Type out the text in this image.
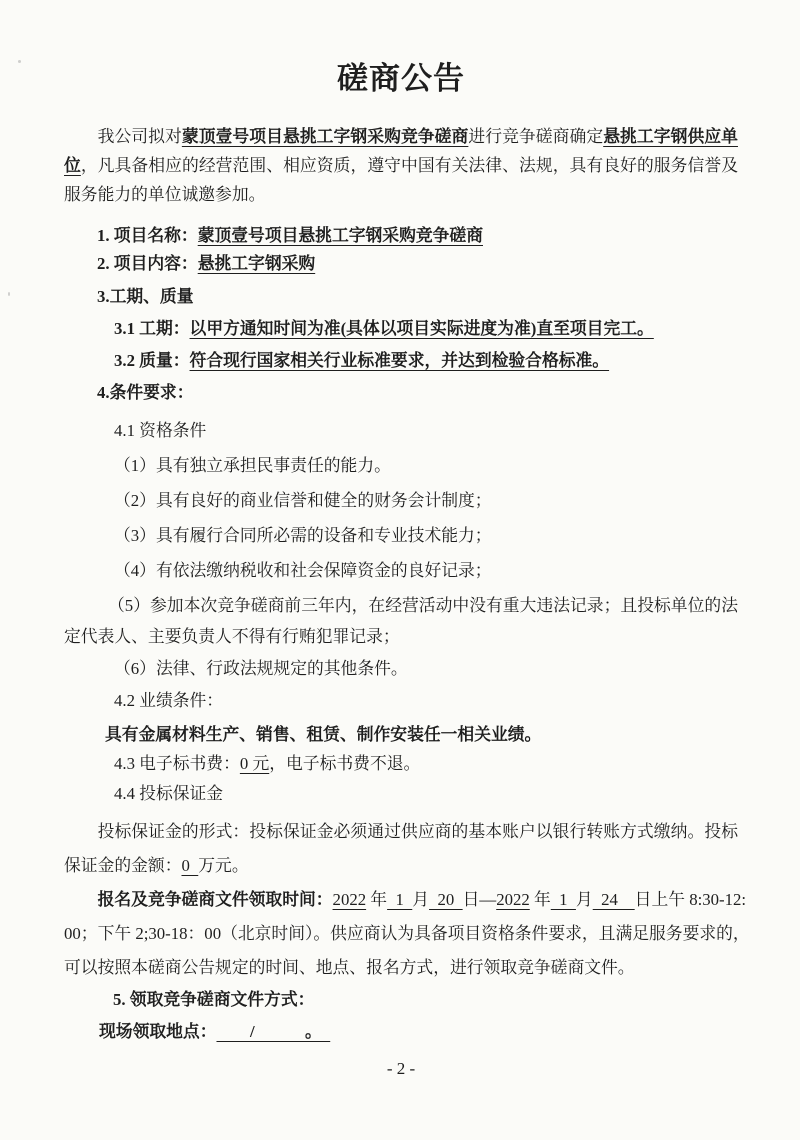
磋商公告

我公司拟对蒙顶壹号项目悬挑工字钢采购竞争磋商进行竞争磋商确定悬挑工字钢供应单位，凡具备相应的经营范围、相应资质，遵守中国有关法律、法规，具有良好的服务信誉及服务能力的单位诚邀参加。

1. 项目名称：蒙顶壹号项目悬挑工字钢采购竞争磋商

2. 项目内容：悬挑工字钢采购

3.工期、质量

3.1 工期：以甲方通知时间为准(具体以项目实际进度为准)直至项目完工。

3.2 质量：符合现行国家相关行业标准要求，并达到检验合格标准。

4.条件要求：

4.1 资格条件

（1）具有独立承担民事责任的能力。

（2）具有良好的商业信誉和健全的财务会计制度；

（3）具有履行合同所必需的设备和专业技术能力；

（4）有依法缴纳税收和社会保障资金的良好记录；

（5）参加本次竞争磋商前三年内，在经营活动中没有重大违法记录；且投标单位的法定代表人、主要负责人不得有行贿犯罪记录；

（6）法律、行政法规规定的其他条件。

4.2 业绩条件：

具有金属材料生产、销售、租赁、制作安装任一相关业绩。

4.3 电子标书费：0 元，电子标书费不退。

4.4 投标保证金

投标保证金的形式：投标保证金必须通过供应商的基本账户以银行转账方式缴纳。投标保证金的金额：0 万元。

报名及竞争磋商文件领取时间：2022 年 1 月 20 日—2022 年 1 月 24  日上午 8:30-12:

00；下午 2;30-18：00（北京时间）。供应商认为具备项目资格条件要求，且满足服务要求的，

可以按照本磋商公告规定的时间、地点、报名方式，进行领取竞争磋商文件。

5. 领取竞争磋商文件方式：

现场领取地点：  /   。 

- 2 -
